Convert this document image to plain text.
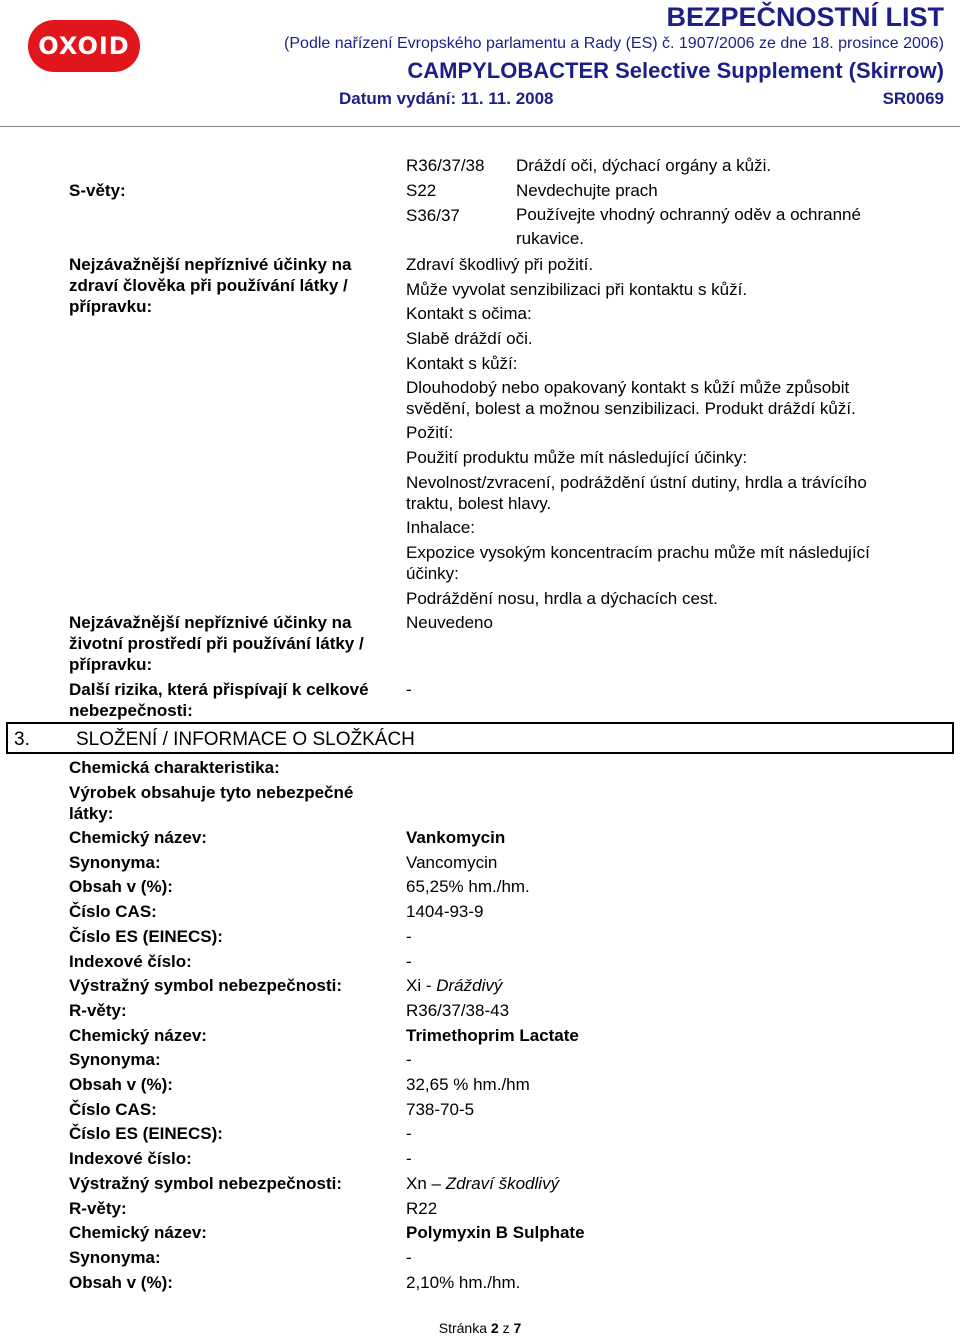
OXOID
BEZPEČNOSTNÍ LIST
(Podle nařízení Evropského parlamentu a Rady (ES) č. 1907/2006 ze dne 18. prosince 2006)
CAMPYLOBACTER Selective Supplement (Skirrow)
Datum vydání: 11. 11. 2008	SR0069
R36/37/38 Dráždí oči, dýchací orgány a kůži.
S-věty:	S22	Nevdechujte prach
S36/37	Používejte vhodný ochranný oděv a ochranné rukavice.
Nejzávažnější nepříznivé účinky na zdraví člověka při používání látky / přípravku:
Zdraví škodlivý při požití.
Může vyvolat senzibilizaci při kontaktu s kůží.
Kontakt s očima:
Slabě dráždí oči.
Kontakt s kůží:
Dlouhodobý nebo opakovaný kontakt s kůží může způsobit svědění, bolest a možnou senzibilizaci. Produkt dráždí kůží.
Požití:
Použití produktu může mít následující účinky:
Nevolnost/zvracení, podráždění ústní dutiny, hrdla a trávícího traktu, bolest hlavy.
Inhalace:
Expozice vysokým koncentracím prachu může mít následující účinky:
Podráždění nosu, hrdla a dýchacích cest.
Nejzávažnější nepříznivé účinky na životní prostředí při používání látky / přípravku:
Neuvedeno
Další rizika, která přispívají k celkové nebezpečnosti:
-
3. SLOŽENÍ / INFORMACE O SLOŽKÁCH
Chemická charakteristika:
Výrobek obsahuje tyto nebezpečné látky:
Chemický název:	Vankomycin
Synonyma:	Vancomycin
Obsah v (%):	65,25% hm./hm.
Číslo CAS:	1404-93-9
Číslo ES (EINECS):	-
Indexové číslo:	-
Výstražný symbol nebezpečnosti:	Xi - Dráždivý
R-věty:	R36/37/38-43
Chemický název:	Trimethoprim Lactate
Synonyma:	-
Obsah v (%):	32,65 % hm./hm
Číslo CAS:	738-70-5
Číslo ES (EINECS):	-
Indexové číslo:	-
Výstražný symbol nebezpečnosti:	Xn – Zdraví škodlivý
R-věty:	R22
Chemický název:	Polymyxin B Sulphate
Synonyma:	-
Obsah v (%):	2,10% hm./hm.
Stránka 2 z 7
